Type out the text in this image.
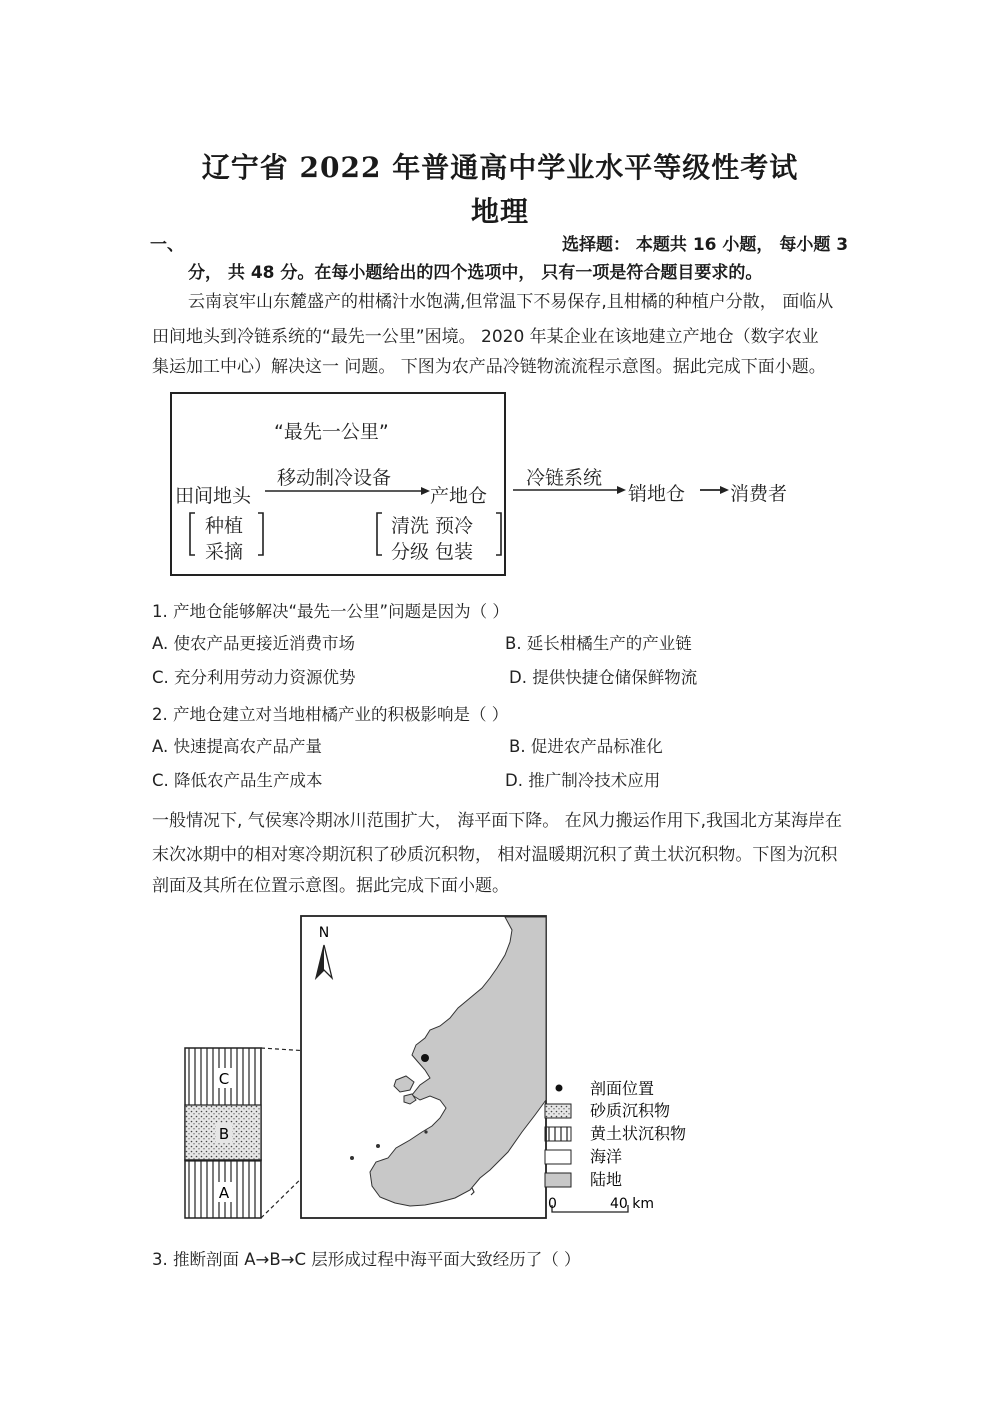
辽宁省 2022 年普通高中学业水平等级性考试
地理
一、	选择题： 本题共 16 小题， 每小题 3
分， 共 48 分。在每小题给出的四个选项中， 只有一项是符合题目要求的。
云南哀牢山东麓盛产的柑橘汁水饱满,但常温下不易保存,且柑橘的种植户分散， 面临从
田间地头到冷链系统的“最先一公里”困境。 2020 年某企业在该地建立产地仓（数字农业
集运加工中心）解决这一 问题。 下图为农产品冷链物流流程示意图。据此完成下面小题。
“最先一公里”
移动制冷设备
田间地头	产地仓
种植
采摘
清洗 预冷
分级 包装
冷链系统
销地仓 消费者
1. 产地仓能够解决“最先一公里”问题是因为（ ）
A. 使农产品更接近消费市场	B. 延长柑橘生产的产业链
C. 充分利用劳动力资源优势	D. 提供快捷仓储保鲜物流
2. 产地仓建立对当地柑橘产业的积极影响是（ ）
A. 快速提高农产品产量	B. 促进农产品标准化
C. 降低农产品生产成本	D. 推广制冷技术应用
一般情况下, 气侯寒冷期冰川范围扩大， 海平面下降。 在风力搬运作用下,我国北方某海岸在
末次冰期中的相对寒冷期沉积了砂质沉积物， 相对温暖期沉积了黄土状沉积物。下图为沉积
剖面及其所在位置示意图。据此完成下面小题。
C
B
A
N
剖面位置
砂质沉积物
黄土状沉积物
海洋
陆地
0	40 km
3. 推断剖面 A→B→C 层形成过程中海平面大致经历了（ ）
